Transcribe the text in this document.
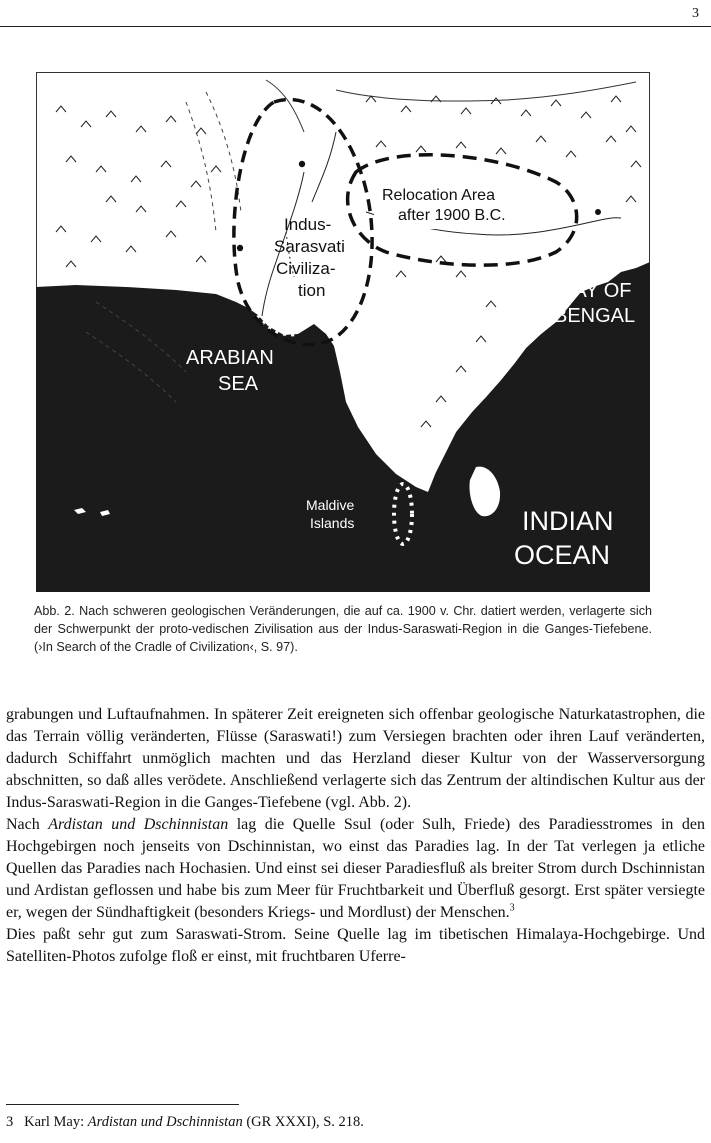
3
Relocation Area
after 1900 B.C.
Indus-
Sarasvati
Civiliza-
tion
ARABIAN
SEA
BAY OF
BENGAL
Maldive
Islands	INDIAN
OCEAN
Abb. 2. Nach schweren geologischen Veränderungen, die auf ca. 1900 v. Chr. datiert werden, verlagerte sich der Schwerpunkt der proto-vedischen Zivilisation aus der Indus-Saraswati-Region in die Ganges-Tiefebene. (›In Search of the Cradle of Civilization‹, S. 97).

grabungen und Luftaufnahmen. In späterer Zeit ereigneten sich offenbar geologische Naturkatastrophen, die das Terrain völlig veränderten, Flüsse (Saraswati!) zum Versiegen brachten oder ihren Lauf veränderten, dadurch Schiffahrt unmöglich machten und das Herzland dieser Kultur von der Wasserversorgung abschnitten, so daß alles verödete. Anschließend verlagerte sich das Zentrum der altindischen Kultur aus der Indus-Saraswati-Region in die Ganges-Tiefebene (vgl. Abb. 2).

Nach Ardistan und Dschinnistan lag die Quelle Ssul (oder Sulh, Friede) des Paradiesstromes in den Hochgebirgen noch jenseits von Dschinnistan, wo einst das Paradies lag. In der Tat verlegen ja etliche Quellen das Paradies nach Hochasien. Und einst sei dieser Paradiesfluß als breiter Strom durch Dschinnistan und Ardistan geflossen und habe bis zum Meer für Fruchtbarkeit und Überfluß gesorgt. Erst später versiegte er, wegen der Sündhaftigkeit (besonders Kriegs- und Mordlust) der Menschen.$^3$

Dies paßt sehr gut zum Saraswati-Strom. Seine Quelle lag im tibetischen Himalaya-Hochgebirge. Und Satelliten-Photos zufolge floß er einst, mit fruchtbaren Uferre-

3 Karl May: Ardistan und Dschinnistan (GR XXXI), S. 218.
